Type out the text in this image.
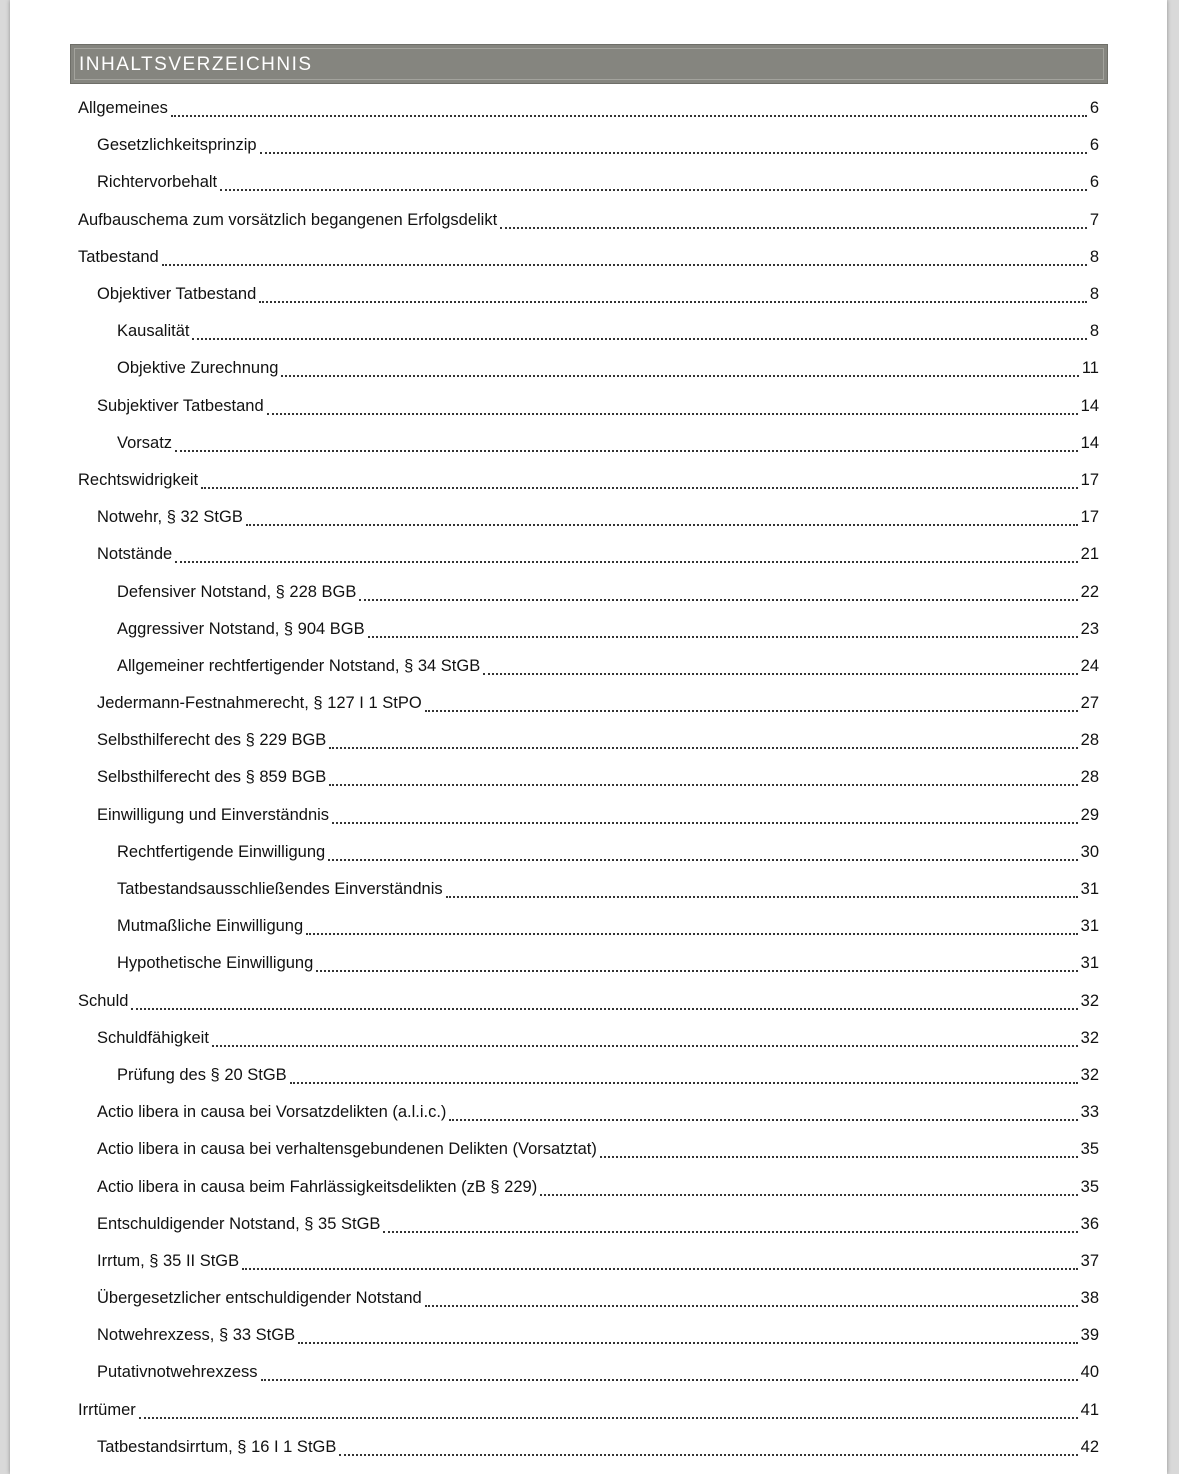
INHALTSVERZEICHNIS
Allgemeines	6
Gesetzlichkeitsprinzip	6
Richtervorbehalt	6
Aufbauschema zum vorsätzlich begangenen Erfolgsdelikt	7
Tatbestand	8
Objektiver Tatbestand	8
Kausalität	8
Objektive Zurechnung	11
Subjektiver Tatbestand	14
Vorsatz	14
Rechtswidrigkeit	17
Notwehr, § 32 StGB	17
Notstände	21
Defensiver Notstand, § 228 BGB	22
Aggressiver Notstand, § 904 BGB	23
Allgemeiner rechtfertigender Notstand, § 34 StGB	24
Jedermann-Festnahmerecht, § 127 I 1 StPO	27
Selbsthilferecht des § 229 BGB	28
Selbsthilferecht des § 859 BGB	28
Einwilligung und Einverständnis	29
Rechtfertigende Einwilligung	30
Tatbestandsausschließendes Einverständnis	31
Mutmaßliche Einwilligung	31
Hypothetische Einwilligung	31
Schuld	32
Schuldfähigkeit	32
Prüfung des § 20 StGB	32
Actio libera in causa bei Vorsatzdelikten (a.l.i.c.)	33
Actio libera in causa bei verhaltensgebundenen Delikten (Vorsatztat)	35
Actio libera in causa beim Fahrlässigkeitsdelikten (zB § 229)	35
Entschuldigender Notstand, § 35 StGB	36
Irrtum, § 35 II StGB	37
Übergesetzlicher entschuldigender Notstand	38
Notwehrexzess, § 33 StGB	39
Putativnotwehrexzess	40
Irrtümer	41
Tatbestandsirrtum, § 16 I 1 StGB	42
